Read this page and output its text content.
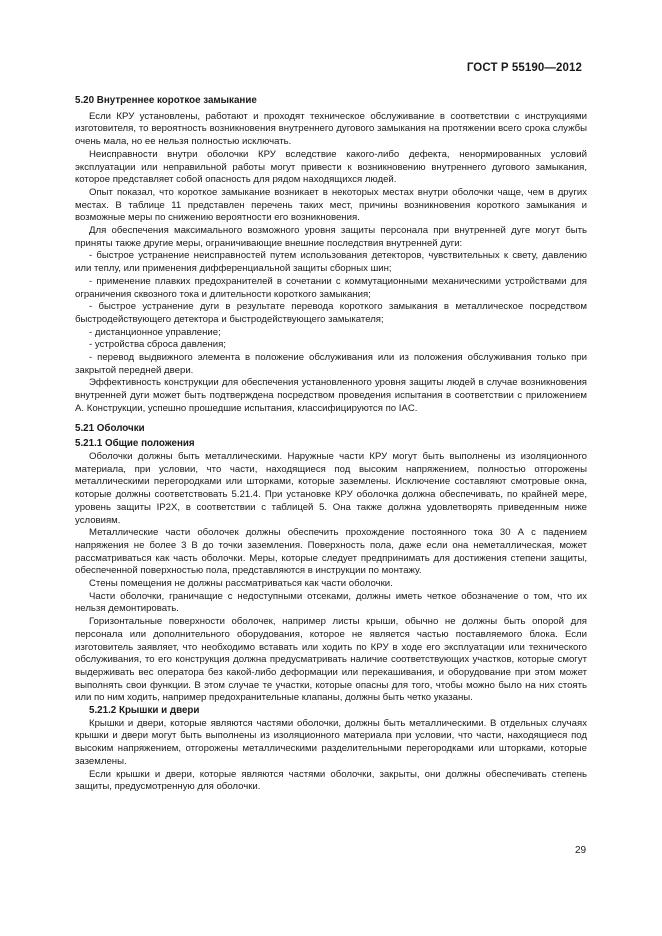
ГОСТ Р 55190—2012
5.20 Внутреннее короткое замыкание

Если КРУ установлены, работают и проходят техническое обслуживание в соответствии с инструкциями изготовителя, то вероятность возникновения внутреннего дугового замыкания на протяжении всего срока службы очень мала, но ее нельзя полностью исключать.

Неисправности внутри оболочки КРУ вследствие какого-либо дефекта, ненормированных условий эксплуатации или неправильной работы могут привести к возникновению внутреннего дугового замыкания, которое представляет собой опасность для рядом находящихся людей.

Опыт показал, что короткое замыкание возникает в некоторых местах внутри оболочки чаще, чем в других местах. В таблице 11 представлен перечень таких мест, причины возникновения короткого замыкания и возможные меры по снижению вероятности его возникновения.

Для обеспечения максимального возможного уровня защиты персонала при внутренней дуге могут быть приняты также другие меры, ограничивающие внешние последствия внутренней дуги:

- быстрое устранение неисправностей путем использования детекторов, чувствительных к свету, давлению или теплу, или применения дифференциальной защиты сборных шин;

- применение плавких предохранителей в сочетании с коммутационными механическими устройствами для ограничения сквозного тока и длительности короткого замыкания;

- быстрое устранение дуги в результате перевода короткого замыкания в металлическое посредством быстродействующего детектора и быстродействующего замыкателя;

- дистанционное управление;

- устройства сброса давления;

- перевод выдвижного элемента в положение обслуживания или из положения обслуживания только при закрытой передней двери.

Эффективность конструкции для обеспечения установленного уровня защиты людей в случае возникновения внутренней дуги может быть подтверждена посредством проведения испытания в соответствии с приложением А. Конструкции, успешно прошедшие испытания, классифицируются по IAC.

5.21 Оболочки
5.21.1 Общие положения

Оболочки должны быть металлическими. Наружные части КРУ могут быть выполнены из изоляционного материала, при условии, что части, находящиеся под высоким напряжением, полностью отгорожены металлическими перегородками или шторками, которые заземлены. Исключение составляют смотровые окна, которые должны соответствовать 5.21.4. При установке КРУ оболочка должна обеспечивать, по крайней мере, уровень защиты IP2X, в соответствии с таблицей 5. Она также должна удовлетворять приведенным ниже условиям.

Металлические части оболочек должны обеспечить прохождение постоянного тока 30 А с падением напряжения не более 3 В до точки заземления. Поверхность пола, даже если она неметаллическая, может рассматриваться как часть оболочки. Меры, которые следует предпринимать для достижения степени защиты, обеспеченной поверхностью пола, представляются в инструкции по монтажу.

Стены помещения не должны рассматриваться как части оболочки.

Части оболочки, граничащие с недоступными отсеками, должны иметь четкое обозначение о том, что их нельзя демонтировать.

Горизонтальные поверхности оболочек, например листы крыши, обычно не должны быть опорой для персонала или дополнительного оборудования, которое не является частью поставляемого блока. Если изготовитель заявляет, что необходимо вставать или ходить по КРУ в ходе его эксплуатации или технического обслуживания, то его конструкция должна предусматривать наличие соответствующих участков, которые смогут выдерживать вес оператора без какой-либо деформации или перекашивания, и оборудование при этом может выполнять свои функции. В этом случае те участки, которые опасны для того, чтобы можно было на них стоять или по ним ходить, например предохранительные клапаны, должны быть четко указаны.

5.21.2 Крышки и двери

Крышки и двери, которые являются частями оболочки, должны быть металлическими. В отдельных случаях крышки и двери могут быть выполнены из изоляционного материала при условии, что части, находящиеся под высоким напряжением, отгорожены металлическими разделительными перегородками или шторками, которые заземлены.

Если крышки и двери, которые являются частями оболочки, закрыты, они должны обеспечивать степень защиты, предусмотренную для оболочки.

29
